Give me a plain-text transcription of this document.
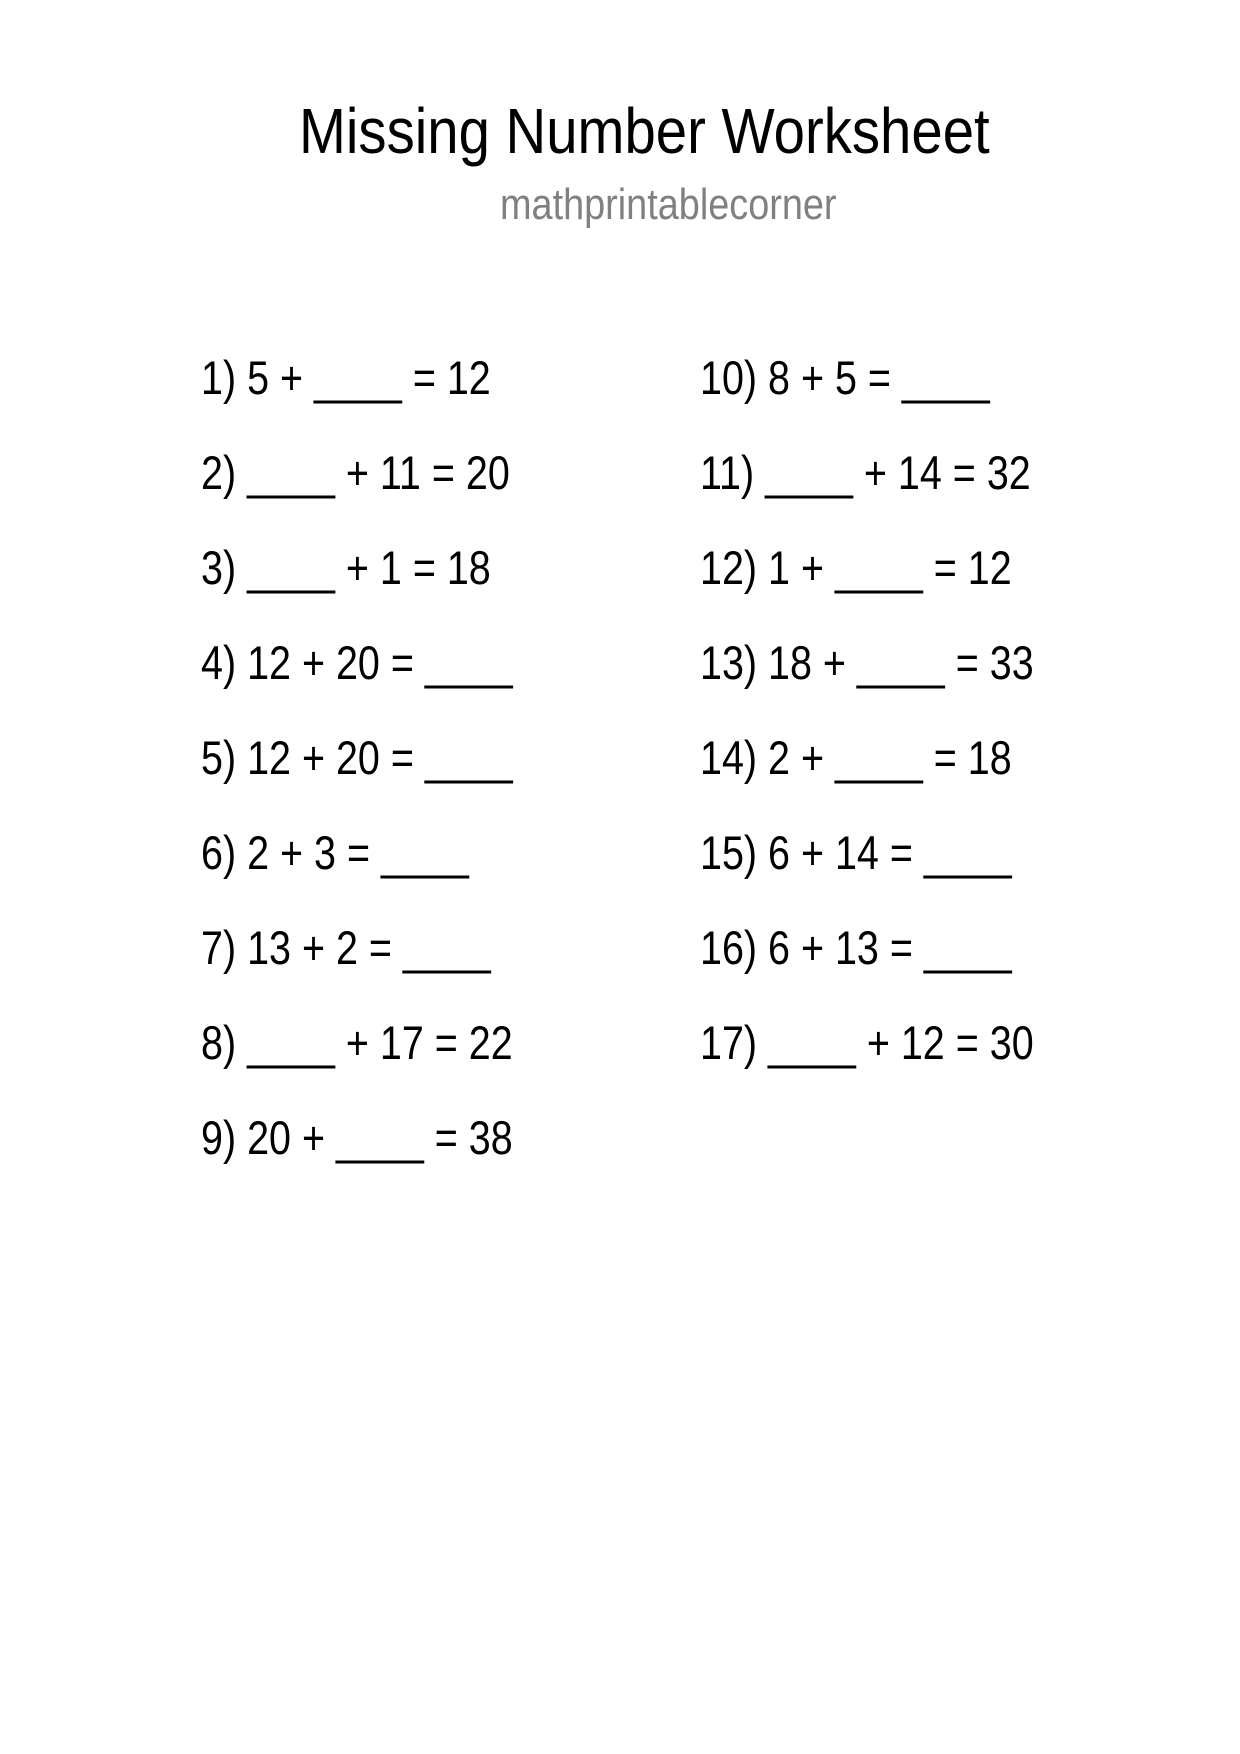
Missing Number Worksheet
mathprintablecorner
1) 5 + ____ = 12
2) ____ + 11 = 20
3) ____ + 1 = 18
4) 12 + 20 = ____
5) 12 + 20 = ____
6) 2 + 3 = ____
7) 13 + 2 = ____
8) ____ + 17 = 22
9) 20 + ____ = 38
10) 8 + 5 = ____
11) ____ + 14 = 32
12) 1 + ____ = 12
13) 18 + ____ = 33
14) 2 + ____ = 18
15) 6 + 14 = ____
16) 6 + 13 = ____
17) ____ + 12 = 30
